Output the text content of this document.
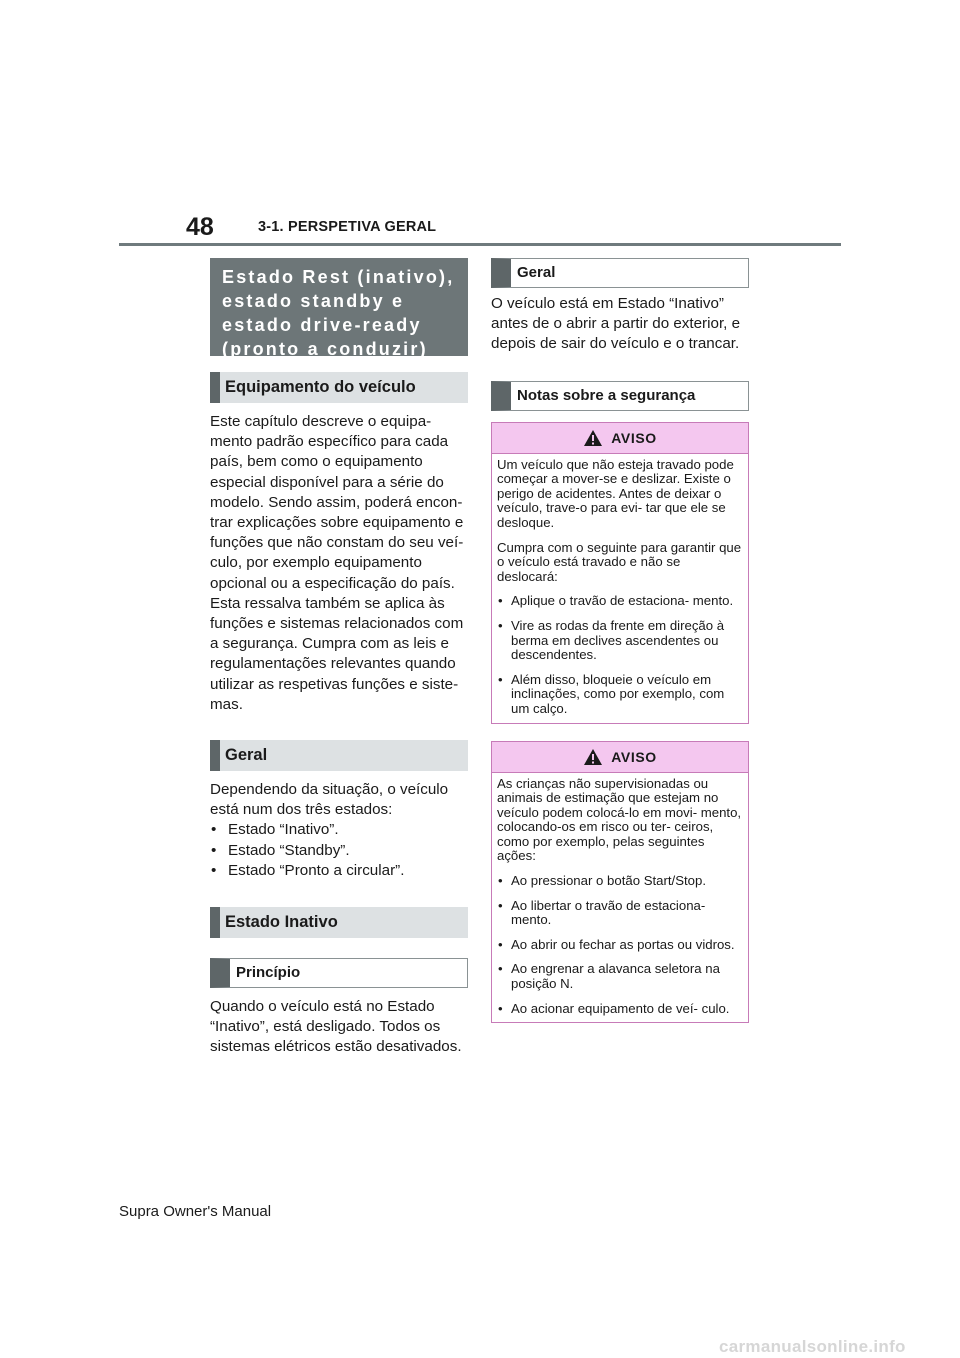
48	3-1. PERSPETIVA GERAL
Estado Rest (inativo), estado standby e estado drive-ready (pronto a conduzir)
Equipamento do veículo

Este capítulo descreve o equipa- mento padrão específico para cada país, bem como o equipamento especial disponível para a série do modelo. Sendo assim, poderá encon- trar explicações sobre equipamento e funções que não constam do seu veí- culo, por exemplo equipamento opcional ou a especificação do país. Esta ressalva também se aplica às funções e sistemas relacionados com a segurança. Cumpra com as leis e regulamentações relevantes quando utilizar as respetivas funções e siste- mas.

Geral

Dependendo da situação, o veículo está num dos três estados:

• Estado “Inativo”.
• Estado “Standby”.
• Estado “Pronto a circular”.
Estado Inativo
Princípio

Quando o veículo está no Estado “Inativo”, está desligado. Todos os sistemas elétricos estão desativados.

Geral

O veículo está em Estado “Inativo” antes de o abrir a partir do exterior, e depois de sair do veículo e o trancar.

Notas sobre a segurança
AVISO

Um veículo que não esteja travado pode começar a mover-se e deslizar. Existe o perigo de acidentes. Antes de deixar o veículo, trave-o para evi- tar que ele se desloque.

Cumpra com o seguinte para garantir que o veículo está travado e não se deslocará:

• Aplique o travão de estaciona- mento.
• Vire as rodas da frente em direção à berma em declives ascendentes ou descendentes.
• Além disso, bloqueie o veículo em inclinações, como por exemplo, com um calço.
AVISO

As crianças não supervisionadas ou animais de estimação que estejam no veículo podem colocá-lo em movi- mento, colocando-os em risco ou ter- ceiros, como por exemplo, pelas seguintes ações:

• Ao pressionar o botão Start/Stop.
• Ao libertar o travão de estaciona- mento.
• Ao abrir ou fechar as portas ou vidros.
• Ao engrenar a alavanca seletora na posição N.
• Ao acionar equipamento de veí- culo.
Supra Owner's Manual
carmanualsonline.info
